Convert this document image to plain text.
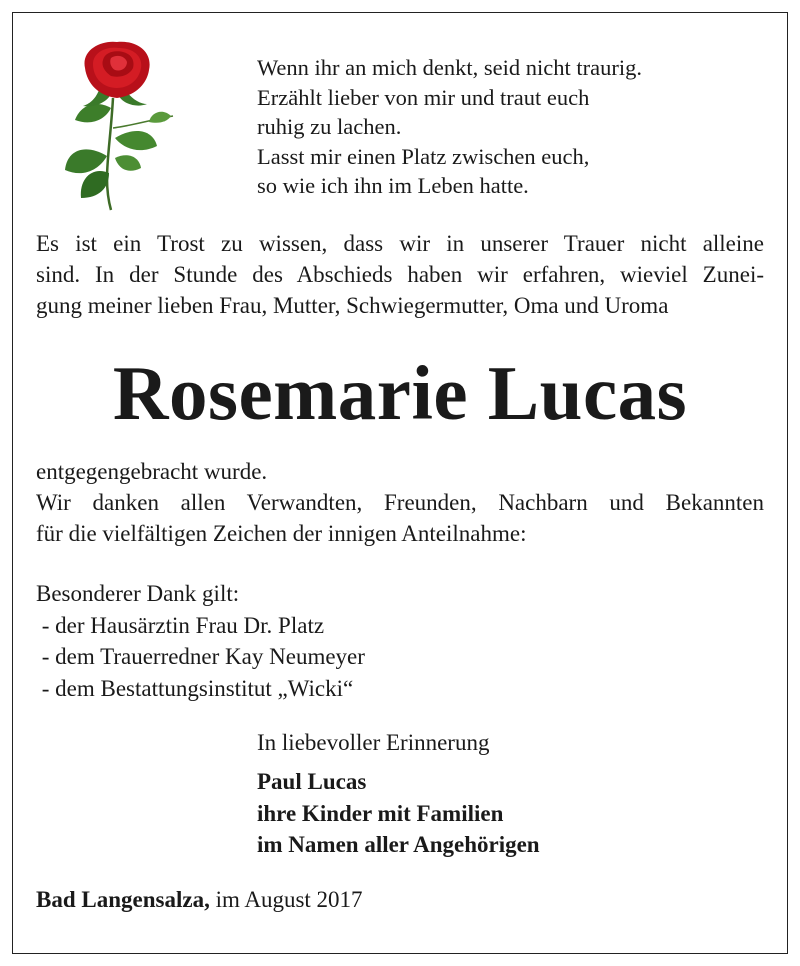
Wenn ihr an mich denkt, seid nicht traurig.
Erzählt lieber von mir und traut euch
ruhig zu lachen.
Lasst mir einen Platz zwischen euch,
so wie ich ihn im Leben hatte.
Es ist ein Trost zu wissen, dass wir in unserer Trauer nicht alleine
sind. In der Stunde des Abschieds haben wir erfahren, wieviel Zunei-
gung meiner lieben Frau, Mutter, Schwiegermutter, Oma und Uroma
Rosemarie Lucas
entgegengebracht wurde.
Wir danken allen Verwandten, Freunden, Nachbarn und Bekannten
für die vielfältigen Zeichen der innigen Anteilnahme:
Besonderer Dank gilt:
- der Hausärztin Frau Dr. Platz
- dem Trauerredner Kay Neumeyer
- dem Bestattungsinstitut „Wicki“
In liebevoller Erinnerung
Paul Lucas
ihre Kinder mit Familien
im Namen aller Angehörigen
Bad Langensalza, im August 2017
